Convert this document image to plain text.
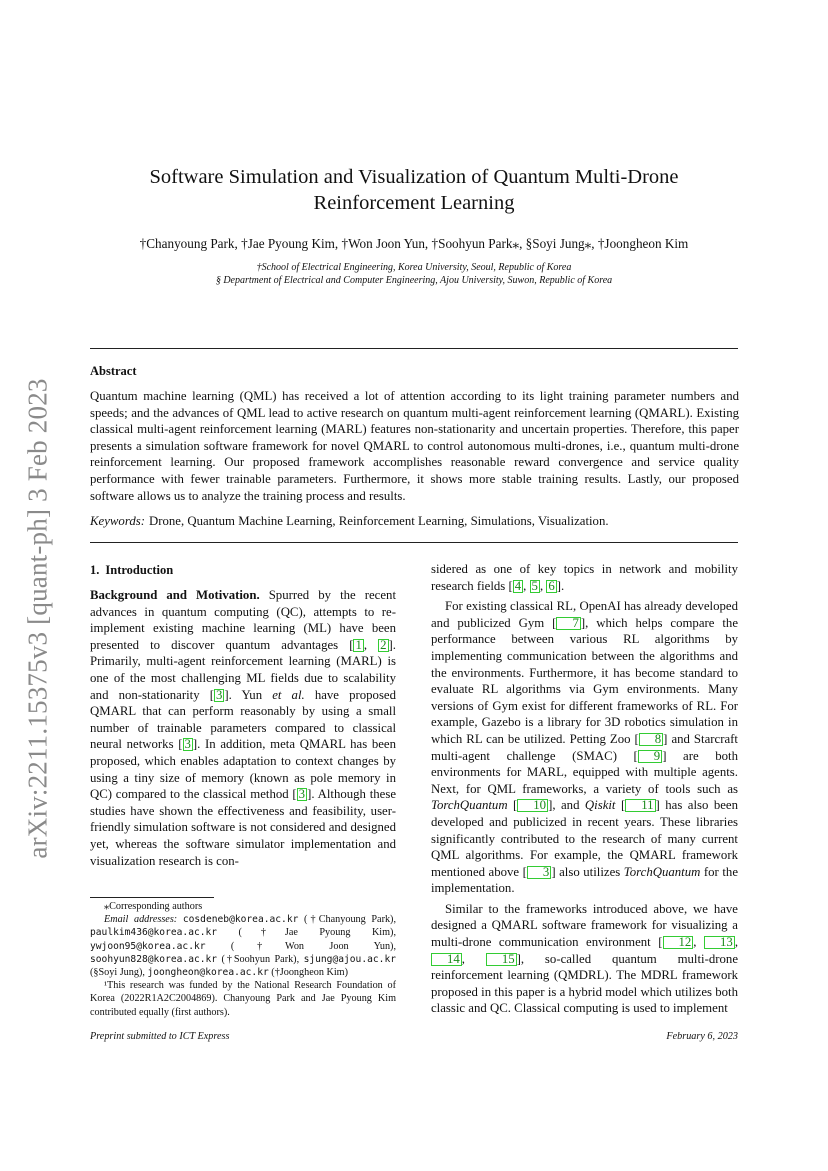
arXiv:2211.15375v3 [quant-ph] 3 Feb 2023
Software Simulation and Visualization of Quantum Multi-Drone Reinforcement Learning
†Chanyoung Park, †Jae Pyoung Kim, †Won Joon Yun, †Soohyun Park⁎, §Soyi Jung⁎, †Joongheon Kim
†School of Electrical Engineering, Korea University, Seoul, Republic of Korea
§ Department of Electrical and Computer Engineering, Ajou University, Suwon, Republic of Korea
Abstract
Quantum machine learning (QML) has received a lot of attention according to its light training parameter numbers and speeds; and the advances of QML lead to active research on quantum multi-agent reinforcement learning (QMARL). Existing classical multi-agent reinforcement learning (MARL) features non-stationarity and uncertain properties. Therefore, this paper presents a simulation software framework for novel QMARL to control autonomous multi-drones, i.e., quantum multi-drone reinforcement learning. Our proposed framework accomplishes reasonable reward convergence and service quality performance with fewer trainable parameters. Furthermore, it shows more stable training results. Lastly, our proposed software allows us to analyze the training process and results.
Keywords: Drone, Quantum Machine Learning, Reinforcement Learning, Simulations, Visualization.
1. Introduction

Background and Motivation. Spurred by the recent advances in quantum computing (QC), attempts to re-implement existing machine learning (ML) have been presented to discover quantum advantages [ 1 , 2 ]. Primarily, multi-agent reinforcement learning (MARL) is one of the most challenging ML fields due to scalability and non-stationarity [ 3 ]. Yun et al. have proposed QMARL that can perform reasonably by using a small number of trainable parameters compared to classical neural networks [ 3 ]. In addition, meta QMARL has been proposed, which enables adaptation to context changes by using a tiny size of memory (known as pole memory in QC) compared to the classical method [ 3 ]. Although these studies have shown the effectiveness and feasibility, user-friendly simulation software is not considered and designed yet, whereas the software simulator implementation and visualization research is con-

sidered as one of key topics in network and mobility research fields [ 4 , 5 , 6 ].

For existing classical RL, OpenAI has already developed and publicized Gym [ 7 ], which helps compare the performance between various RL algorithms by implementing communication between the algorithms and the environments. Furthermore, it has become standard to evaluate RL algorithms via Gym environments. Many versions of Gym exist for different frameworks of RL. For example, Gazebo is a library for 3D robotics simulation in which RL can be utilized. Petting Zoo [ 8 ] and Starcraft multi-agent challenge (SMAC) [ 9 ] are both environments for MARL, equipped with multiple agents. Next, for QML frameworks, a variety of tools such as TorchQuantum [ 10 ], and Qiskit [ 11 ] has also been developed and publicized in recent years. These libraries significantly contributed to the research of many current QML algorithms. For example, the QMARL framework mentioned above [ 3 ] also utilizes TorchQuantum for the implementation.

Similar to the frameworks introduced above, we have designed a QMARL software framework for visualizing a multi-drone communication environment [ 12 , 13 , 14 , 15 ], so-called quantum multi-drone reinforcement learning (QMDRL). The MDRL framework proposed in this paper is a hybrid model which utilizes both classic and QC. Classical computing is used to implement

⁎Corresponding authors

Email addresses: cosdeneb@korea.ac.kr (†Chanyoung Park), paulkim436@korea.ac.kr (†Jae Pyoung Kim), ywjoon95@korea.ac.kr (†Won Joon Yun), soohyun828@korea.ac.kr (†Soohyun Park), sjung@ajou.ac.kr (§Soyi Jung), joongheon@korea.ac.kr (†Joongheon Kim)

¹This research was funded by the National Research Foundation of Korea (2022R1A2C2004869). Chanyoung Park and Jae Pyoung Kim contributed equally (first authors).

Preprint submitted to ICT Express	February 6, 2023
